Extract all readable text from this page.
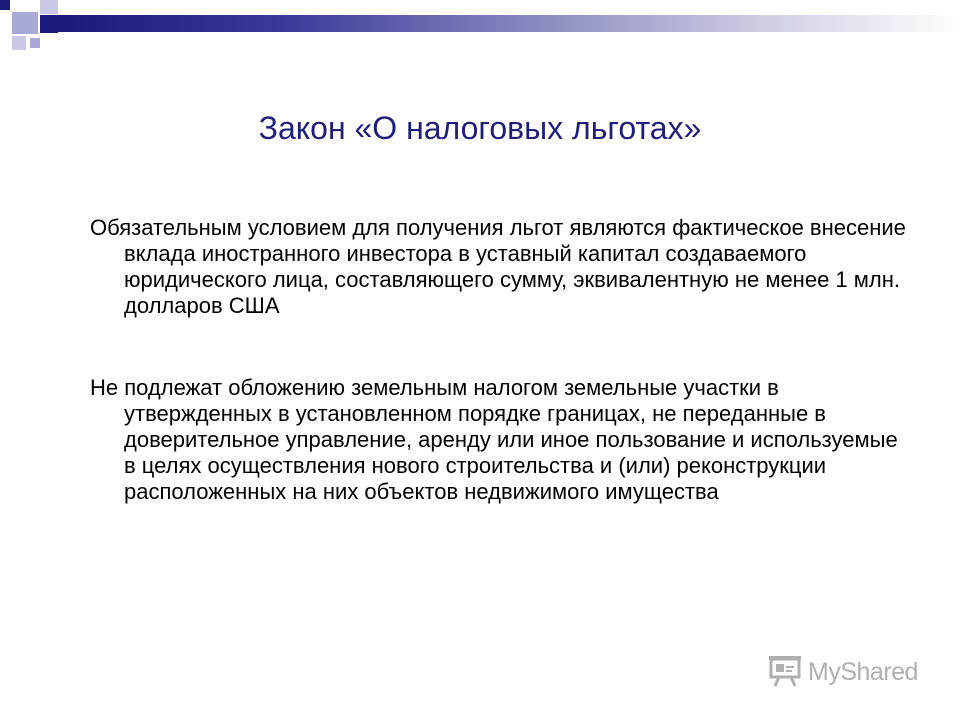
Закон «О налоговых льготах»

Обязательным условием для получения льгот являются фактическое внесение вклада иностранного инвестора в уставный капитал создаваемого юридического лица, составляющего сумму, эквивалентную не менее 1 млн. долларов США

Не подлежат обложению земельным налогом земельные участки в утвержденных в установленном порядке границах, не переданные в доверительное управление, аренду или иное пользование и используемые в целях осуществления нового строительства и (или) реконструкции расположенных на них объектов недвижимого имущества

MyShared
